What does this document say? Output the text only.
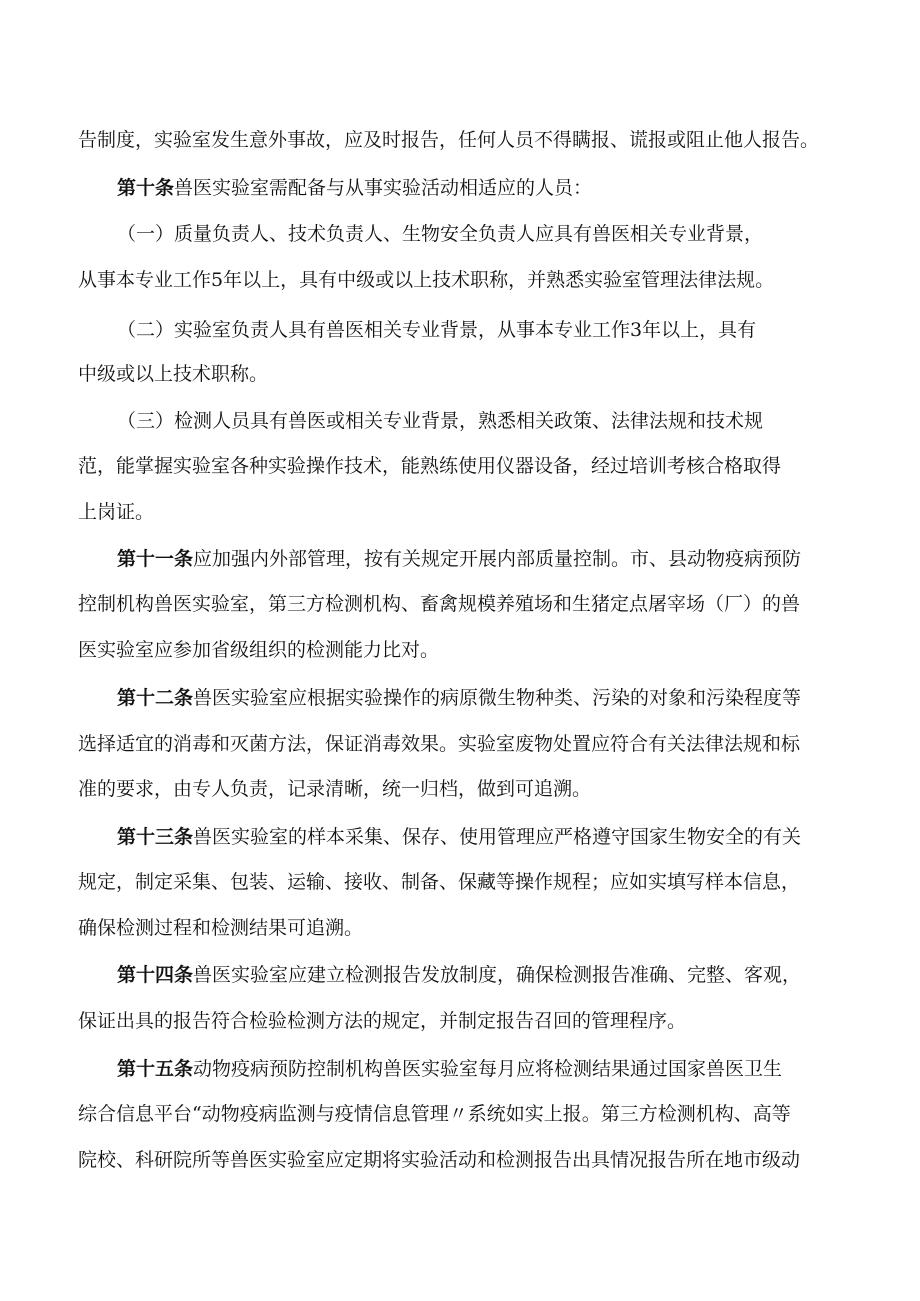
告制度，实验室发生意外事故，应及时报告，任何人员不得瞒报、谎报或阻止他人报告。
第十条兽医实验室需配备与从事实验活动相适应的人员：
（一）质量负责人、技术负责人、生物安全负责人应具有兽医相关专业背景，
从事本专业工作5年以上，具有中级或以上技术职称，并熟悉实验室管理法律法规。
（二）实验室负责人具有兽医相关专业背景，从事本专业工作3年以上，具有
中级或以上技术职称。
（三）检测人员具有兽医或相关专业背景，熟悉相关政策、法律法规和技术规
范，能掌握实验室各种实验操作技术，能熟练使用仪器设备，经过培训考核合格取得
上岗证。
第十一条应加强内外部管理，按有关规定开展内部质量控制。市、县动物疫病预防
控制机构兽医实验室，第三方检测机构、畜禽规模养殖场和生猪定点屠宰场（厂）的兽
医实验室应参加省级组织的检测能力比对。
第十二条兽医实验室应根据实验操作的病原微生物种类、污染的对象和污染程度等
选择适宜的消毒和灭菌方法，保证消毒效果。实验室废物处置应符合有关法律法规和标
准的要求，由专人负责，记录清晰，统一归档，做到可追溯。
第十三条兽医实验室的样本采集、保存、使用管理应严格遵守国家生物安全的有关
规定，制定采集、包装、运输、接收、制备、保藏等操作规程；应如实填写样本信息，
确保检测过程和检测结果可追溯。
第十四条兽医实验室应建立检测报告发放制度，确保检测报告准确、完整、客观，
保证出具的报告符合检验检测方法的规定，并制定报告召回的管理程序。
第十五条动物疫病预防控制机构兽医实验室每月应将检测结果通过国家兽医卫生
综合信息平台“动物疫病监测与疫情信息管理〃系统如实上报。第三方检测机构、高等
院校、科研院所等兽医实验室应定期将实验活动和检测报告出具情况报告所在地市级动
